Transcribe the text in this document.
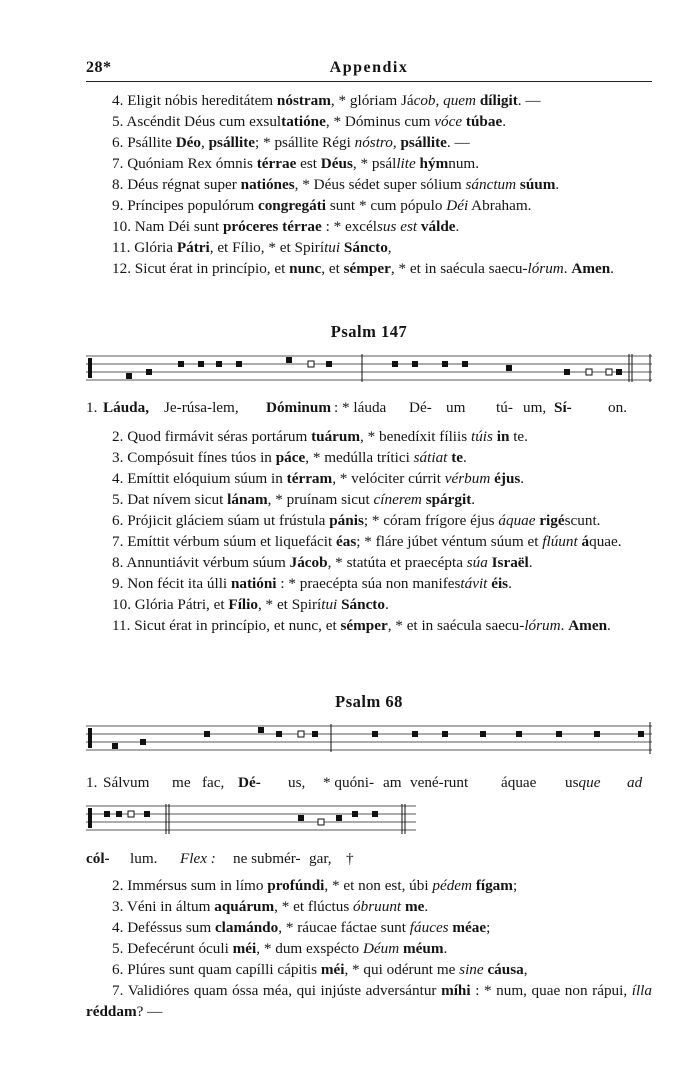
28*	Appendix

4. Eligit nóbis hereditátem nóstram, * glóriam Jácob, quem díligit. —

5. Ascéndit Déus cum exsultatióne, * Dóminus cum vóce túbae.

6. Psállite Déo, psállite; * psállite Régi nóstro, psállite. —

7. Quóniam Rex ómnis térrae est Déus, * psállite hýmnum.

8. Déus régnat super natiónes, * Déus sédet super sólium sánctum súum.

9. Príncipes populórum congregáti sunt * cum pópulo Déi Abraham.

10. Nam Déi sunt próceres térrae : * excélsus est válde.

11. Glória Pátri, et Fílio, * et Spirítui Sáncto,

12. Sicut érat in princípio, et nunc, et sémper, * et in saécula saecu-lórum. Amen.

Psalm 147
1. Láuda, Je-rúsa-lem, Dóminum : * láuda Dé- um tú- um, Sí- on.

2. Quod firmávit séras portárum tuárum, * benedíxit fíliis túis in te.

3. Compósuit fínes túos in páce, * medúlla trítici sátiat te.

4. Emíttit elóquium súum in térram, * velóciter cúrrit vérbum éjus.

5. Dat nívem sicut lánam, * pruínam sicut cínerem spárgit.

6. Prójicit gláciem súam ut frústula pánis; * córam frígore éjus áquae rigéscunt.

7. Emíttit vérbum súum et liquefácit éas; * fláre júbet véntum súum et flúunt áquae.

8. Annuntiávit vérbum súum Jácob, * statúta et praecépta súa Israël.

9. Non fécit ita úlli natióni : * praecépta súa non manifestávit éis.

10. Glória Pátri, et Fílio, * et Spirítui Sáncto.

11. Sicut érat in princípio, et nunc, et sémper, * et in saécula saecu-lórum. Amen.

Psalm 68
1. Sálvum me fac, Dé- us, * quóni- am vené-runt áquae usque ad
cól- lum. Flex : ne submér- gar, †

2. Immérsus sum in límo profúndi, * et non est, úbi pédem fígam;

3. Véni in áltum aquárum, * et flúctus óbruunt me.

4. Deféssus sum clamándo, * ráucae fáctae sunt fáuces méae;

5. Defecérunt óculi méi, * dum exspécto Déum méum.

6. Plúres sunt quam capílli cápitis méi, * qui odérunt me sine cáusa,

7. Validióres quam óssa méa, qui injúste adversántur míhi : * num, quae non rápui, ílla réddam? —
